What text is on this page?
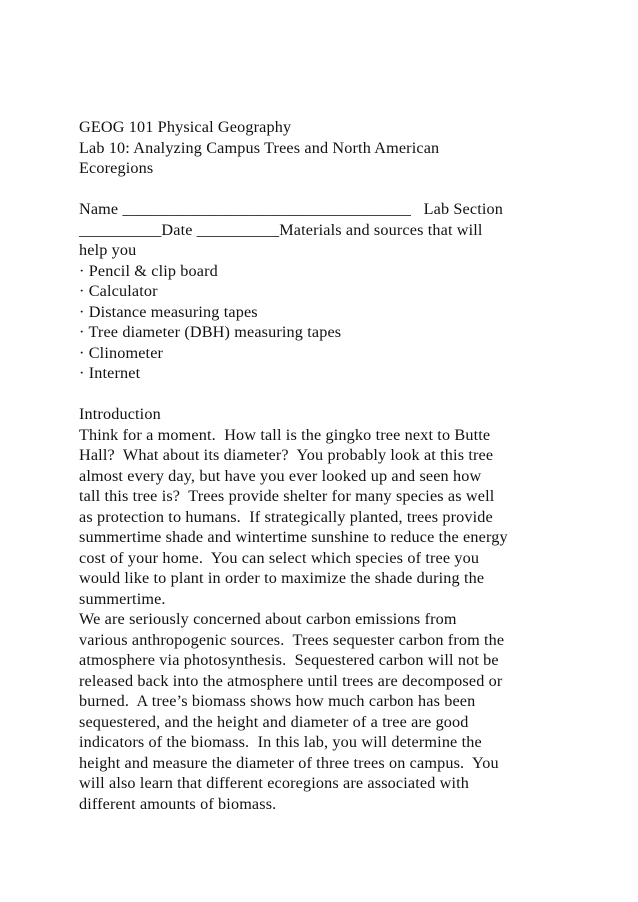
GEOG 101 Physical Geography
Lab 10: Analyzing Campus Trees and North American
Ecoregions
Name ___________________________________   Lab Section
__________Date __________Materials and sources that will
help you
· Pencil & clip board
· Calculator
· Distance measuring tapes
· Tree diameter (DBH) measuring tapes
· Clinometer
· Internet
Introduction
Think for a moment.  How tall is the gingko tree next to Butte
Hall?  What about its diameter?  You probably look at this tree
almost every day, but have you ever looked up and seen how
tall this tree is?  Trees provide shelter for many species as well
as protection to humans.  If strategically planted, trees provide
summertime shade and wintertime sunshine to reduce the energy
cost of your home.  You can select which species of tree you
would like to plant in order to maximize the shade during the
summertime.
We are seriously concerned about carbon emissions from
various anthropogenic sources.  Trees sequester carbon from the
atmosphere via photosynthesis.  Sequestered carbon will not be
released back into the atmosphere until trees are decomposed or
burned.  A tree’s biomass shows how much carbon has been
sequestered, and the height and diameter of a tree are good
indicators of the biomass.  In this lab, you will determine the
height and measure the diameter of three trees on campus.  You
will also learn that different ecoregions are associated with
different amounts of biomass.
